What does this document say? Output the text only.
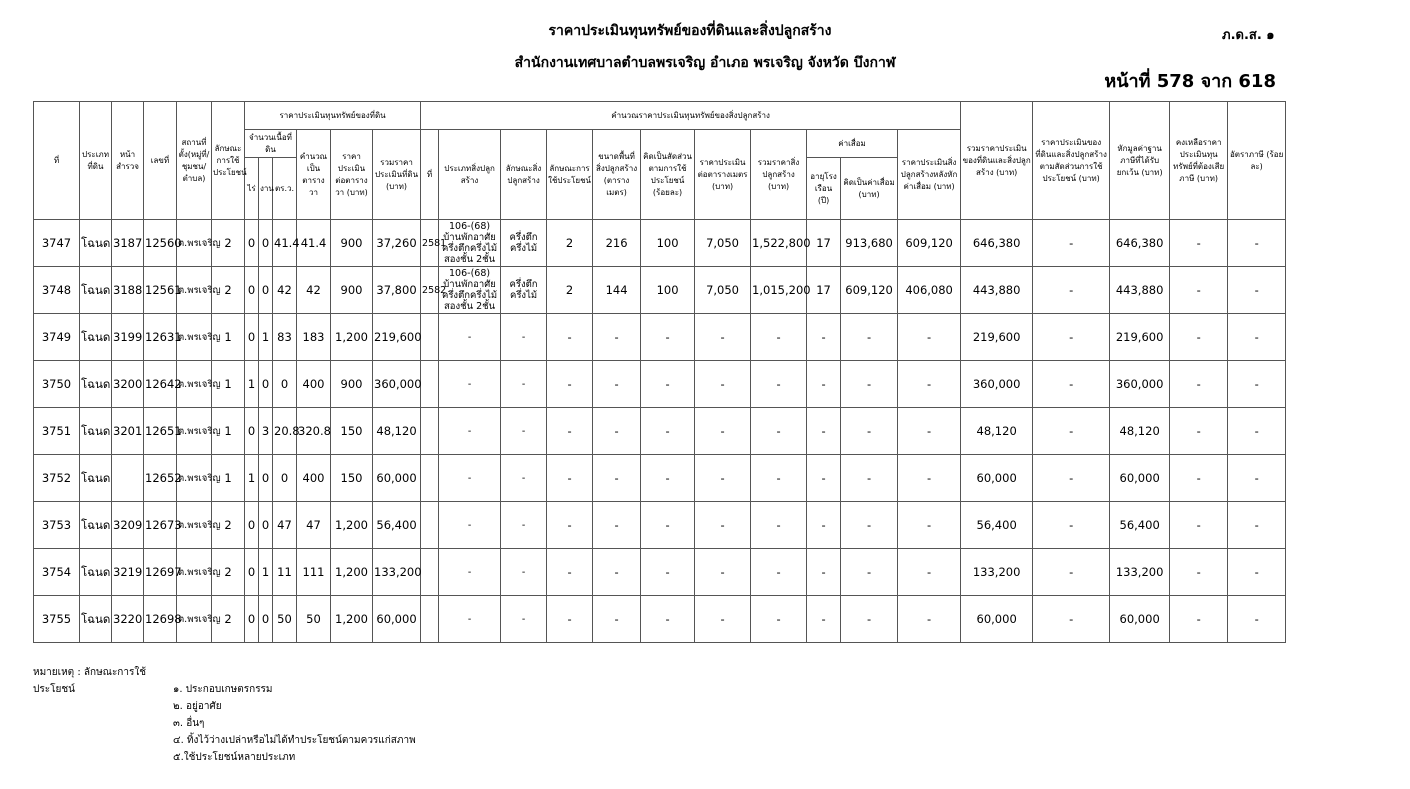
ราคาประเมินทุนทรัพย์ของที่ดินและสิ่งปลูกสร้าง
สำนักงานเทศบาลตำบลพรเจริญ อำเภอ พรเจริญ จังหวัด บึงกาฬ
ภ.ด.ส. ๑
หน้าที่ 578 จาก 618
ที่	ประเภทที่ดิน	หน้าสำรวจ	เลขที่	สถานที่ตั้ง(หมู่ที่/ชุมชน/ตำบล)	ลักษณะการใช้ประโยชน์	ราคาประเมินทุนทรัพย์ของที่ดิน						คำนวณราคาประเมินทุนทรัพย์ของสิ่งปลูกสร้าง											รวมราคาประเมินของที่ดินและสิ่งปลูกสร้าง (บาท)	ราคาประเมินของที่ดินและสิ่งปลูกสร้างตามสัดส่วนการใช้ประโยชน์ (บาท)	หักมูลค่าฐานภาษีที่ได้รับยกเว้น (บาท)	คงเหลือราคาประเมินทุนทรัพย์ที่ต้องเสียภาษี (บาท)	อัตราภาษี (ร้อยละ)
						จำนวนเนื้อที่ดิน			คำนวณเป็นตารางวา	ราคาประเมินต่อตารางวา (บาท)	รวมราคาประเมินที่ดิน (บาท)	ที่	ประเภทสิ่งปลูกสร้าง	ลักษณะสิ่งปลูกสร้าง	ลักษณะการใช้ประโยชน์	ขนาดพื้นที่สิ่งปลูกสร้าง (ตารางเมตร)	คิดเป็นสัดส่วนตามการใช้ประโยชน์ (ร้อยละ)	ราคาประเมินต่อตารางเมตร (บาท)	รวมราคาสิ่งปลูกสร้าง (บาท)	ค่าเสื่อม		ราคาประเมินสิ่งปลูกสร้างหลังหักค่าเสื่อม (บาท)					
						ไร่	งาน	ตร.ว.												อายุโรงเรือน (ปี)	คิดเป็นค่าเสื่อม (บาท)						
3747	โฉนด	3187	12560	ต.พรเจริญ	2	0	0	41.4	41.4	900	37,260	2581	106-(68) บ้านพักอาศัยครึ่งตึกครึ่งไม้สองชั้น 2ชั้น	ครึ่งตึกครึ่งไม้	2	216	100	7,050	1,522,800	17	913,680	609,120	646,380	-	646,380	-	-
3748	โฉนด	3188	12561	ต.พรเจริญ	2	0	0	42	42	900	37,800	2582	106-(68) บ้านพักอาศัยครึ่งตึกครึ่งไม้สองชั้น 2ชั้น	ครึ่งตึกครึ่งไม้	2	144	100	7,050	1,015,200	17	609,120	406,080	443,880	-	443,880	-	-
3749	โฉนด	3199	12631	ต.พรเจริญ	1	0	1	83	183	1,200	219,600		-	-	-	-	-	-	-	-	-	-	219,600	-	219,600	-	-
3750	โฉนด	3200	12642	ต.พรเจริญ	1	1	0	0	400	900	360,000		-	-	-	-	-	-	-	-	-	-	360,000	-	360,000	-	-
3751	โฉนด	3201	12651	ต.พรเจริญ	1	0	3	20.8	320.8	150	48,120		-	-	-	-	-	-	-	-	-	-	48,120	-	48,120	-	-
3752	โฉนด		12652	ต.พรเจริญ	1	1	0	0	400	150	60,000		-	-	-	-	-	-	-	-	-	-	60,000	-	60,000	-	-
3753	โฉนด	3209	12673	ต.พรเจริญ	2	0	0	47	47	1,200	56,400		-	-	-	-	-	-	-	-	-	-	56,400	-	56,400	-	-
3754	โฉนด	3219	12697	ต.พรเจริญ	2	0	1	11	111	1,200	133,200		-	-	-	-	-	-	-	-	-	-	133,200	-	133,200	-	-
3755	โฉนด	3220	12698	ต.พรเจริญ	2	0	0	50	50	1,200	60,000		-	-	-	-	-	-	-	-	-	-	60,000	-	60,000	-	-
หมายเหตุ : ลักษณะการใช้ประโยชน์	๑. ประกอบเกษตรกรรม
๒. อยู่อาศัย
๓. อื่นๆ
๔. ทิ้งไว้ว่างเปล่าหรือไม่ได้ทำประโยชน์ตามควรแก่สภาพ
๕.ใช้ประโยชน์หลายประเภท
